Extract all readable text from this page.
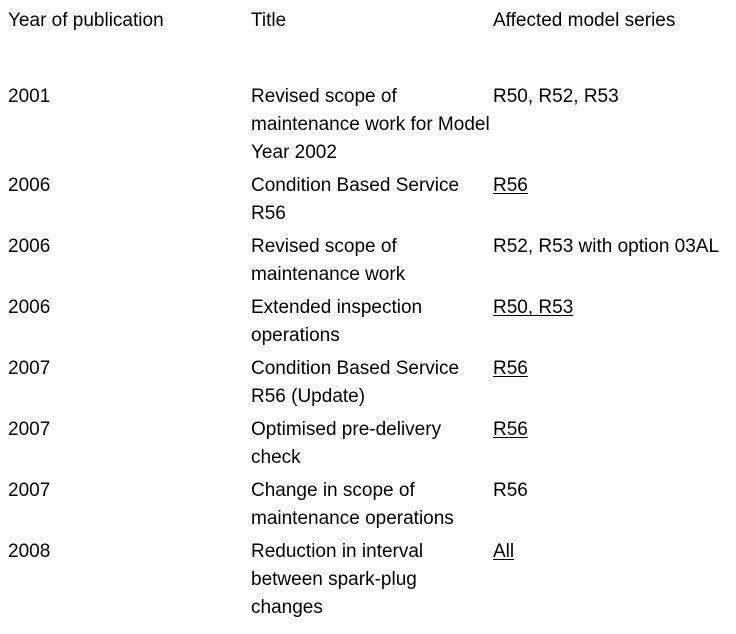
Year of publication	Title	Affected model series
2001	Revised scope of maintenance work for Model Year 2002	R50, R52, R53
2006	Condition Based Service R56	R56
2006	Revised scope of maintenance work	R52, R53 with option 03AL
2006	Extended inspection operations	R50, R53
2007	Condition Based Service R56 (Update)	R56
2007	Optimised pre-delivery check	R56
2007	Change in scope of maintenance operations	R56
2008	Reduction in interval between spark-plug changes	All
